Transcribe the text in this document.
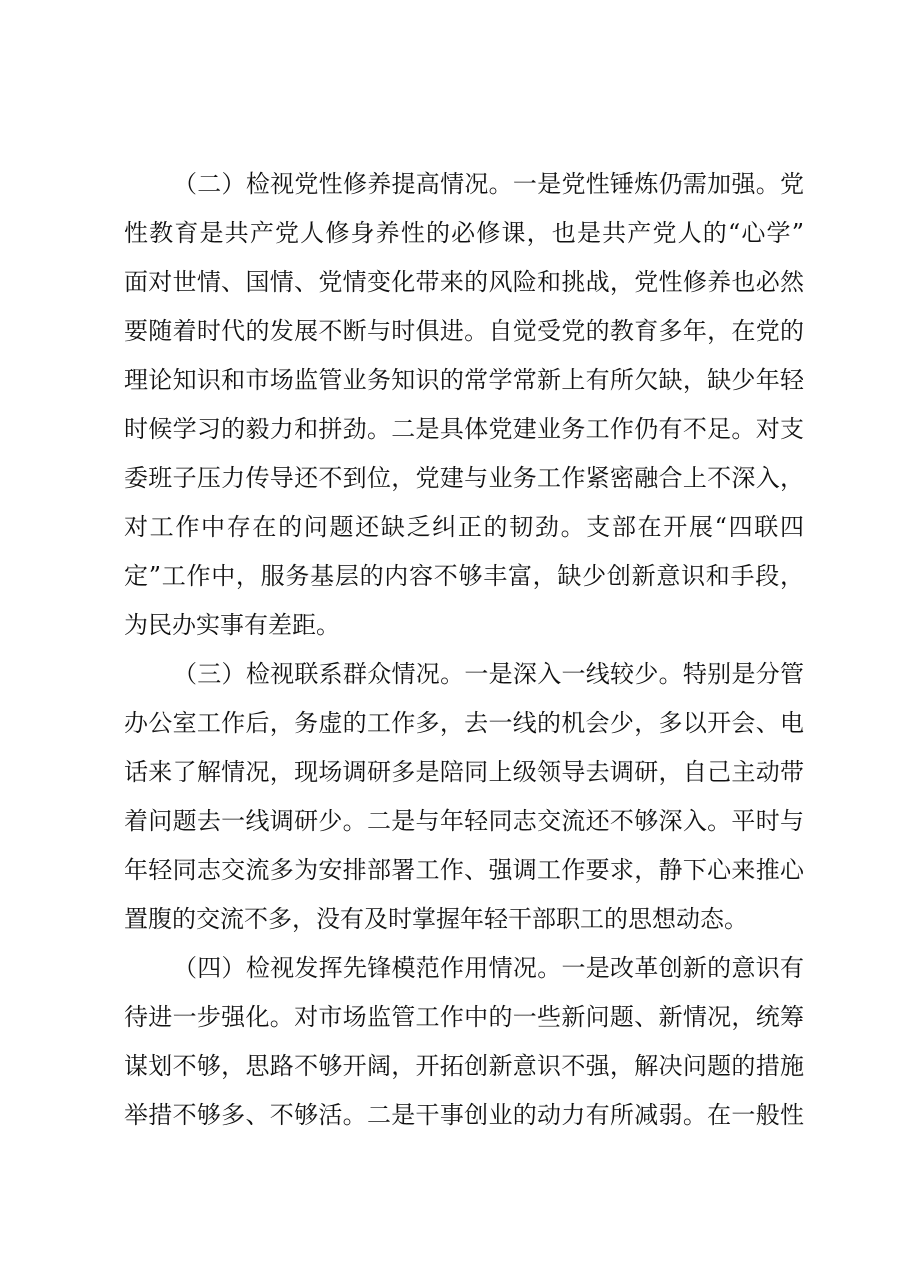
（二）检视党性修养提高情况。一是党性锤炼仍需加强。党
性教育是共产党人修身养性的必修课，也是共产党人的“心学”
面对世情、国情、党情变化带来的风险和挑战，党性修养也必然
要随着时代的发展不断与时俱进。自觉受党的教育多年，在党的
理论知识和市场监管业务知识的常学常新上有所欠缺，缺少年轻
时候学习的毅力和拼劲。二是具体党建业务工作仍有不足。对支
委班子压力传导还不到位，党建与业务工作紧密融合上不深入，
对工作中存在的问题还缺乏纠正的韧劲。支部在开展“四联四
定”工作中，服务基层的内容不够丰富，缺少创新意识和手段，
为民办实事有差距。
（三）检视联系群众情况。一是深入一线较少。特别是分管
办公室工作后，务虚的工作多，去一线的机会少，多以开会、电
话来了解情况，现场调研多是陪同上级领导去调研，自己主动带
着问题去一线调研少。二是与年轻同志交流还不够深入。平时与
年轻同志交流多为安排部署工作、强调工作要求，静下心来推心
置腹的交流不多，没有及时掌握年轻干部职工的思想动态。
（四）检视发挥先锋模范作用情况。一是改革创新的意识有
待进一步强化。对市场监管工作中的一些新问题、新情况，统筹
谋划不够，思路不够开阔，开拓创新意识不强，解决问题的措施
举措不够多、不够活。二是干事创业的动力有所减弱。在一般性
